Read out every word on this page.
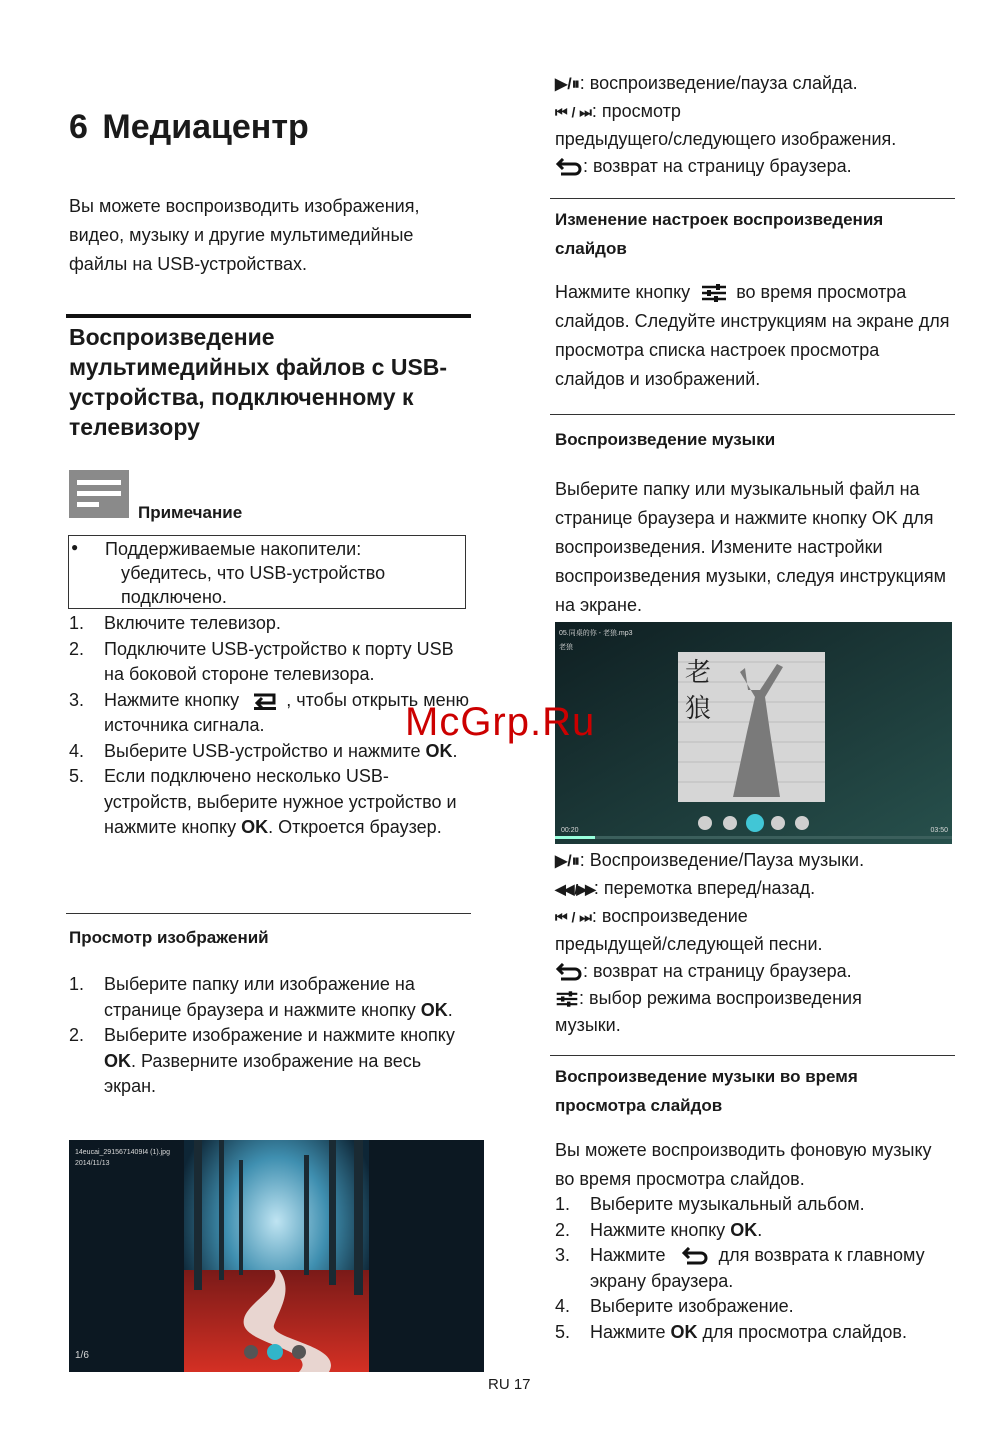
6 Медиацентр

Вы можете воспроизводить изображения, видео, музыку и другие мультимедийные файлы на USB-устройствах.

Воспроизведение мультимедийных файлов с USB-устройства, подключенному к телевизору

Примечание
● Поддерживаемые накопители: убедитесь, что USB-устройство подключено.
1. Включите телевизор.
2. Подключите USB-устройство к порту USB на боковой стороне телевизора.
3. Нажмите кнопку	, чтобы открыть меню источника сигнала.
4. Выберите USB-устройство и нажмите OK.
5. Если подключено несколько USB-устройств, выберите нужное устройство и нажмите кнопку OK. Откроется браузер.

Просмотр изображений

1. Выберите папку или изображение на странице браузера и нажмите кнопку OK.
2. Выберите изображение и нажмите кнопку OK. Разверните изображение на весь экран.
14eucai_2915671409I4 (1).jpg
2014/11/13
1/6

▶/⏸: воспроизведение/пауза слайда.

⏮ / ⏭: просмотр

предыдущего/следующего изображения.

: возврат на страницу браузера.

Изменение настроек воспроизведения слайдов

Нажмите кнопку	во время просмотра слайдов. Следуйте инструкциям на экране для просмотра списка настроек просмотра слайдов и изображений.

Воспроизведение музыки

Выберите папку или музыкальный файл на странице браузера и нажмите кнопку OK для воспроизведения. Измените настройки воспроизведения музыки, следуя инструкциям на экране.

05.同桌的你 - 老狼.mp3
老狼
老 狼
00:20	03:50

▶/⏸: Воспроизведение/Пауза музыки.

◀◀ /▶▶: перемотка вперед/назад.

⏮ / ⏭: воспроизведение

предыдущей/следующей песни.

: возврат на страницу браузера.

: выбор режима воспроизведения

музыки.

Воспроизведение музыки во время просмотра слайдов

Вы можете воспроизводить фоновую музыку во время просмотра слайдов.

1. Выберите музыкальный альбом.
2. Нажмите кнопку OK.
3. Нажмите	для возврата к главному экрану браузера.
4. Выберите изображение.
5. Нажмите OK для просмотра слайдов.
McGrp.Ru
RU 17
